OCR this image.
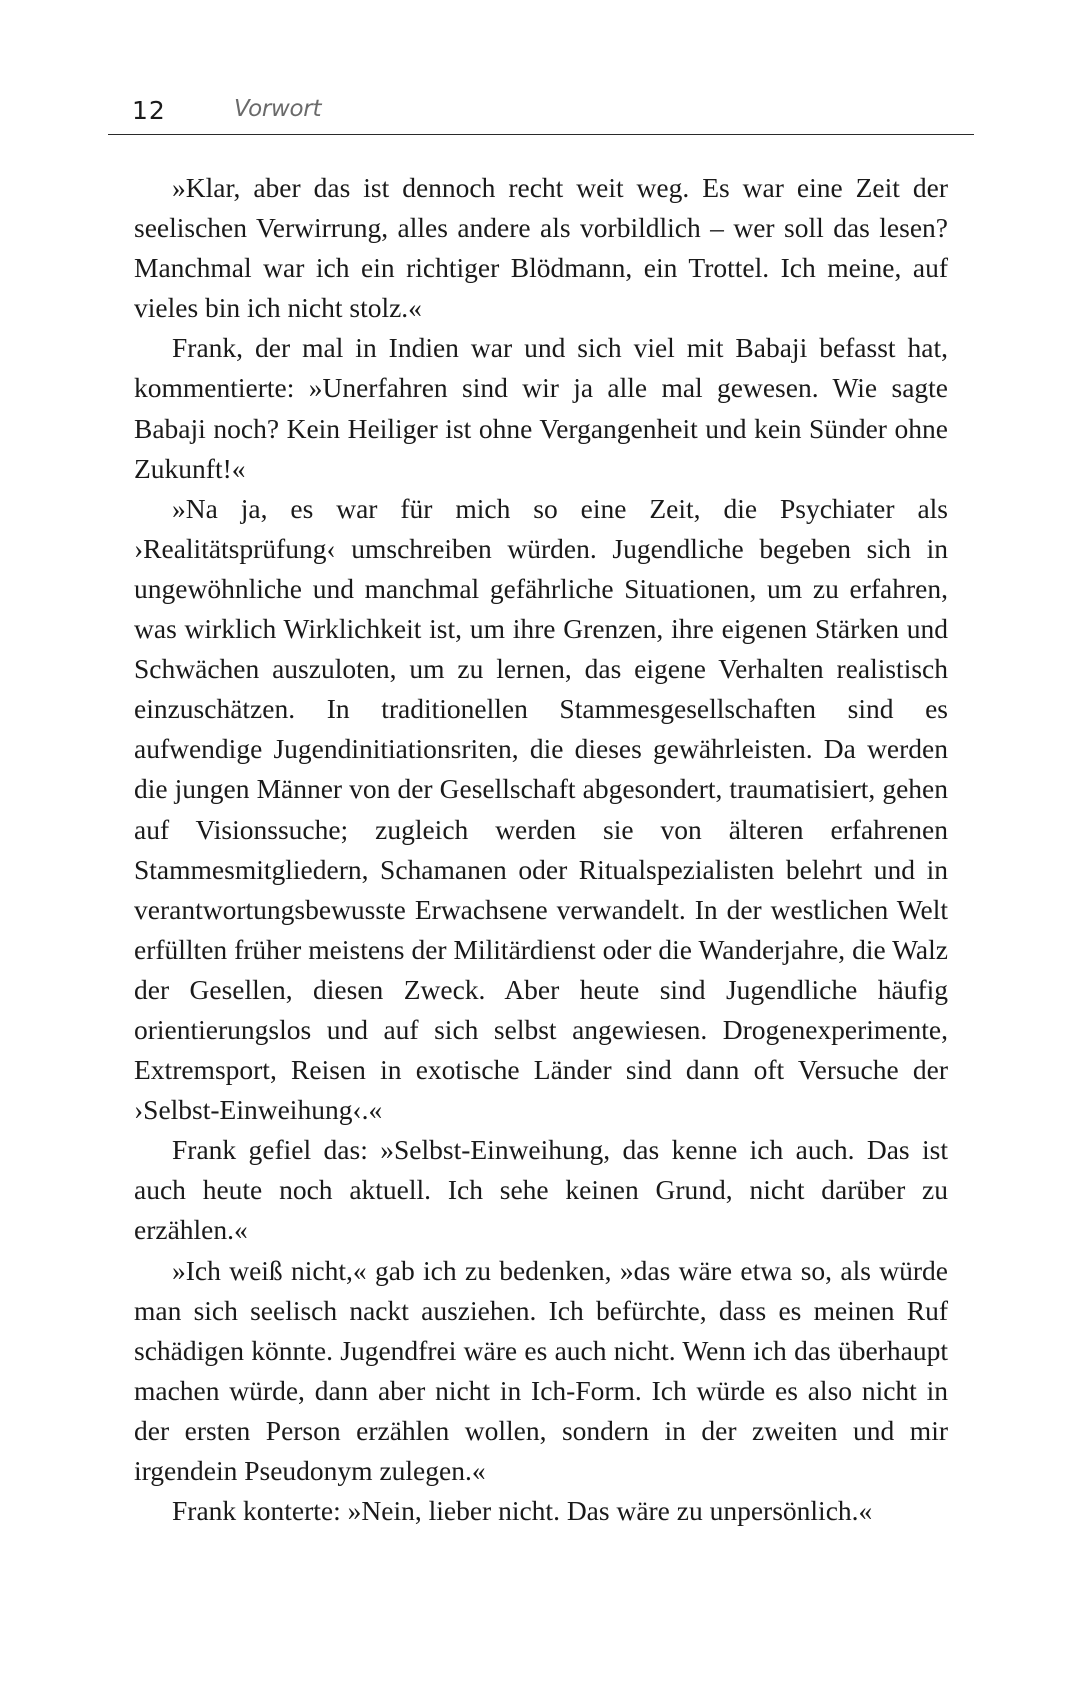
12	Vorwort

»Klar, aber das ist dennoch recht weit weg. Es war eine Zeit der seelischen Verwirrung, alles andere als vorbildlich – wer soll das lesen? Manchmal war ich ein richtiger Blödmann, ein Trottel. Ich meine, auf vieles bin ich nicht stolz.«

Frank, der mal in Indien war und sich viel mit Babaji befasst hat, kommentierte: »Unerfahren sind wir ja alle mal gewesen. Wie sagte Babaji noch? Kein Heiliger ist ohne Vergangenheit und kein Sünder ohne Zukunft!«

»Na ja, es war für mich so eine Zeit, die Psychiater als ›Realitätsprüfung‹ umschreiben würden. Jugendliche begeben sich in ungewöhnliche und manchmal gefährliche Situationen, um zu erfahren, was wirklich Wirklichkeit ist, um ihre Grenzen, ihre eigenen Stärken und Schwächen auszuloten, um zu lernen, das eigene Verhalten realistisch einzuschätzen. In traditionellen Stammesgesellschaften sind es aufwendige Jugendinitiationsriten, die dieses gewährleisten. Da werden die jungen Männer von der Gesellschaft abgesondert, traumatisiert, gehen auf Visionssuche; zugleich werden sie von älteren erfahrenen Stammesmitgliedern, Schamanen oder Ritualspezialisten belehrt und in verantwortungsbewusste Erwachsene verwandelt. In der westlichen Welt erfüllten früher meistens der Militärdienst oder die Wanderjahre, die Walz der Gesellen, diesen Zweck. Aber heute sind Jugendliche häufig orientierungslos und auf sich selbst angewiesen. Drogenexperimente, Extremsport, Reisen in exotische Länder sind dann oft Versuche der ›Selbst-Einweihung‹.«

Frank gefiel das: »Selbst-Einweihung, das kenne ich auch. Das ist auch heute noch aktuell. Ich sehe keinen Grund, nicht darüber zu erzählen.«

»Ich weiß nicht,« gab ich zu bedenken, »das wäre etwa so, als würde man sich seelisch nackt ausziehen. Ich befürchte, dass es meinen Ruf schädigen könnte. Jugendfrei wäre es auch nicht. Wenn ich das überhaupt machen würde, dann aber nicht in Ich-Form. Ich würde es also nicht in der ersten Person erzählen wollen, sondern in der zweiten und mir irgendein Pseudonym zulegen.«

Frank konterte: »Nein, lieber nicht. Das wäre zu unpersönlich.«
